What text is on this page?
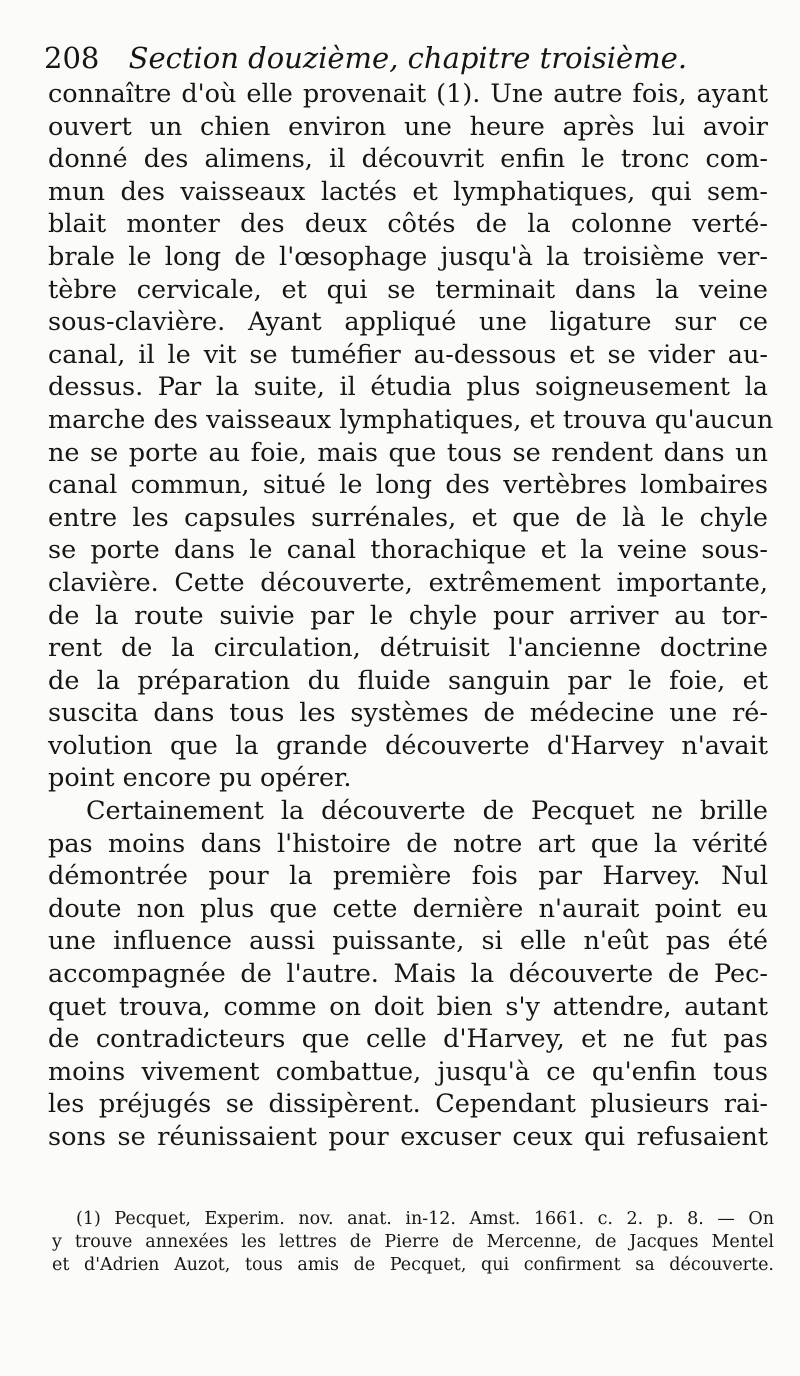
208 Section douzième, chapitre troisième.
connaître d'où elle provenait (1). Une autre fois, ayant
ouvert un chien environ une heure après lui avoir
donné des alimens, il découvrit enfin le tronc com-
mun des vaisseaux lactés et lymphatiques, qui sem-
blait monter des deux côtés de la colonne verté-
brale le long de l'œsophage jusqu'à la troisième ver-
tèbre cervicale, et qui se terminait dans la veine
sous-clavière. Ayant appliqué une ligature sur ce
canal, il le vit se tuméfier au-dessous et se vider au-
dessus. Par la suite, il étudia plus soigneusement la
marche des vaisseaux lymphatiques, et trouva qu'aucun
ne se porte au foie, mais que tous se rendent dans un
canal commun, situé le long des vertèbres lombaires
entre les capsules surrénales, et que de là le chyle
se porte dans le canal thorachique et la veine sous-
clavière. Cette découverte, extrêmement importante,
de la route suivie par le chyle pour arriver au tor-
rent de la circulation, détruisit l'ancienne doctrine
de la préparation du fluide sanguin par le foie, et
suscita dans tous les systèmes de médecine une ré-
volution que la grande découverte d'Harvey n'avait
point encore pu opérer.
Certainement la découverte de Pecquet ne brille
pas moins dans l'histoire de notre art que la vérité
démontrée pour la première fois par Harvey. Nul
doute non plus que cette dernière n'aurait point eu
une influence aussi puissante, si elle n'eût pas été
accompagnée de l'autre. Mais la découverte de Pec-
quet trouva, comme on doit bien s'y attendre, autant
de contradicteurs que celle d'Harvey, et ne fut pas
moins vivement combattue, jusqu'à ce qu'enfin tous
les préjugés se dissipèrent. Cependant plusieurs rai-
sons se réunissaient pour excuser ceux qui refusaient
(1) Pecquet, Experim. nov. anat. in-12. Amst. 1661. c. 2. p. 8. — On
y trouve annexées les lettres de Pierre de Mercenne, de Jacques Mentel
et d'Adrien Auzot, tous amis de Pecquet, qui confirment sa découverte.
